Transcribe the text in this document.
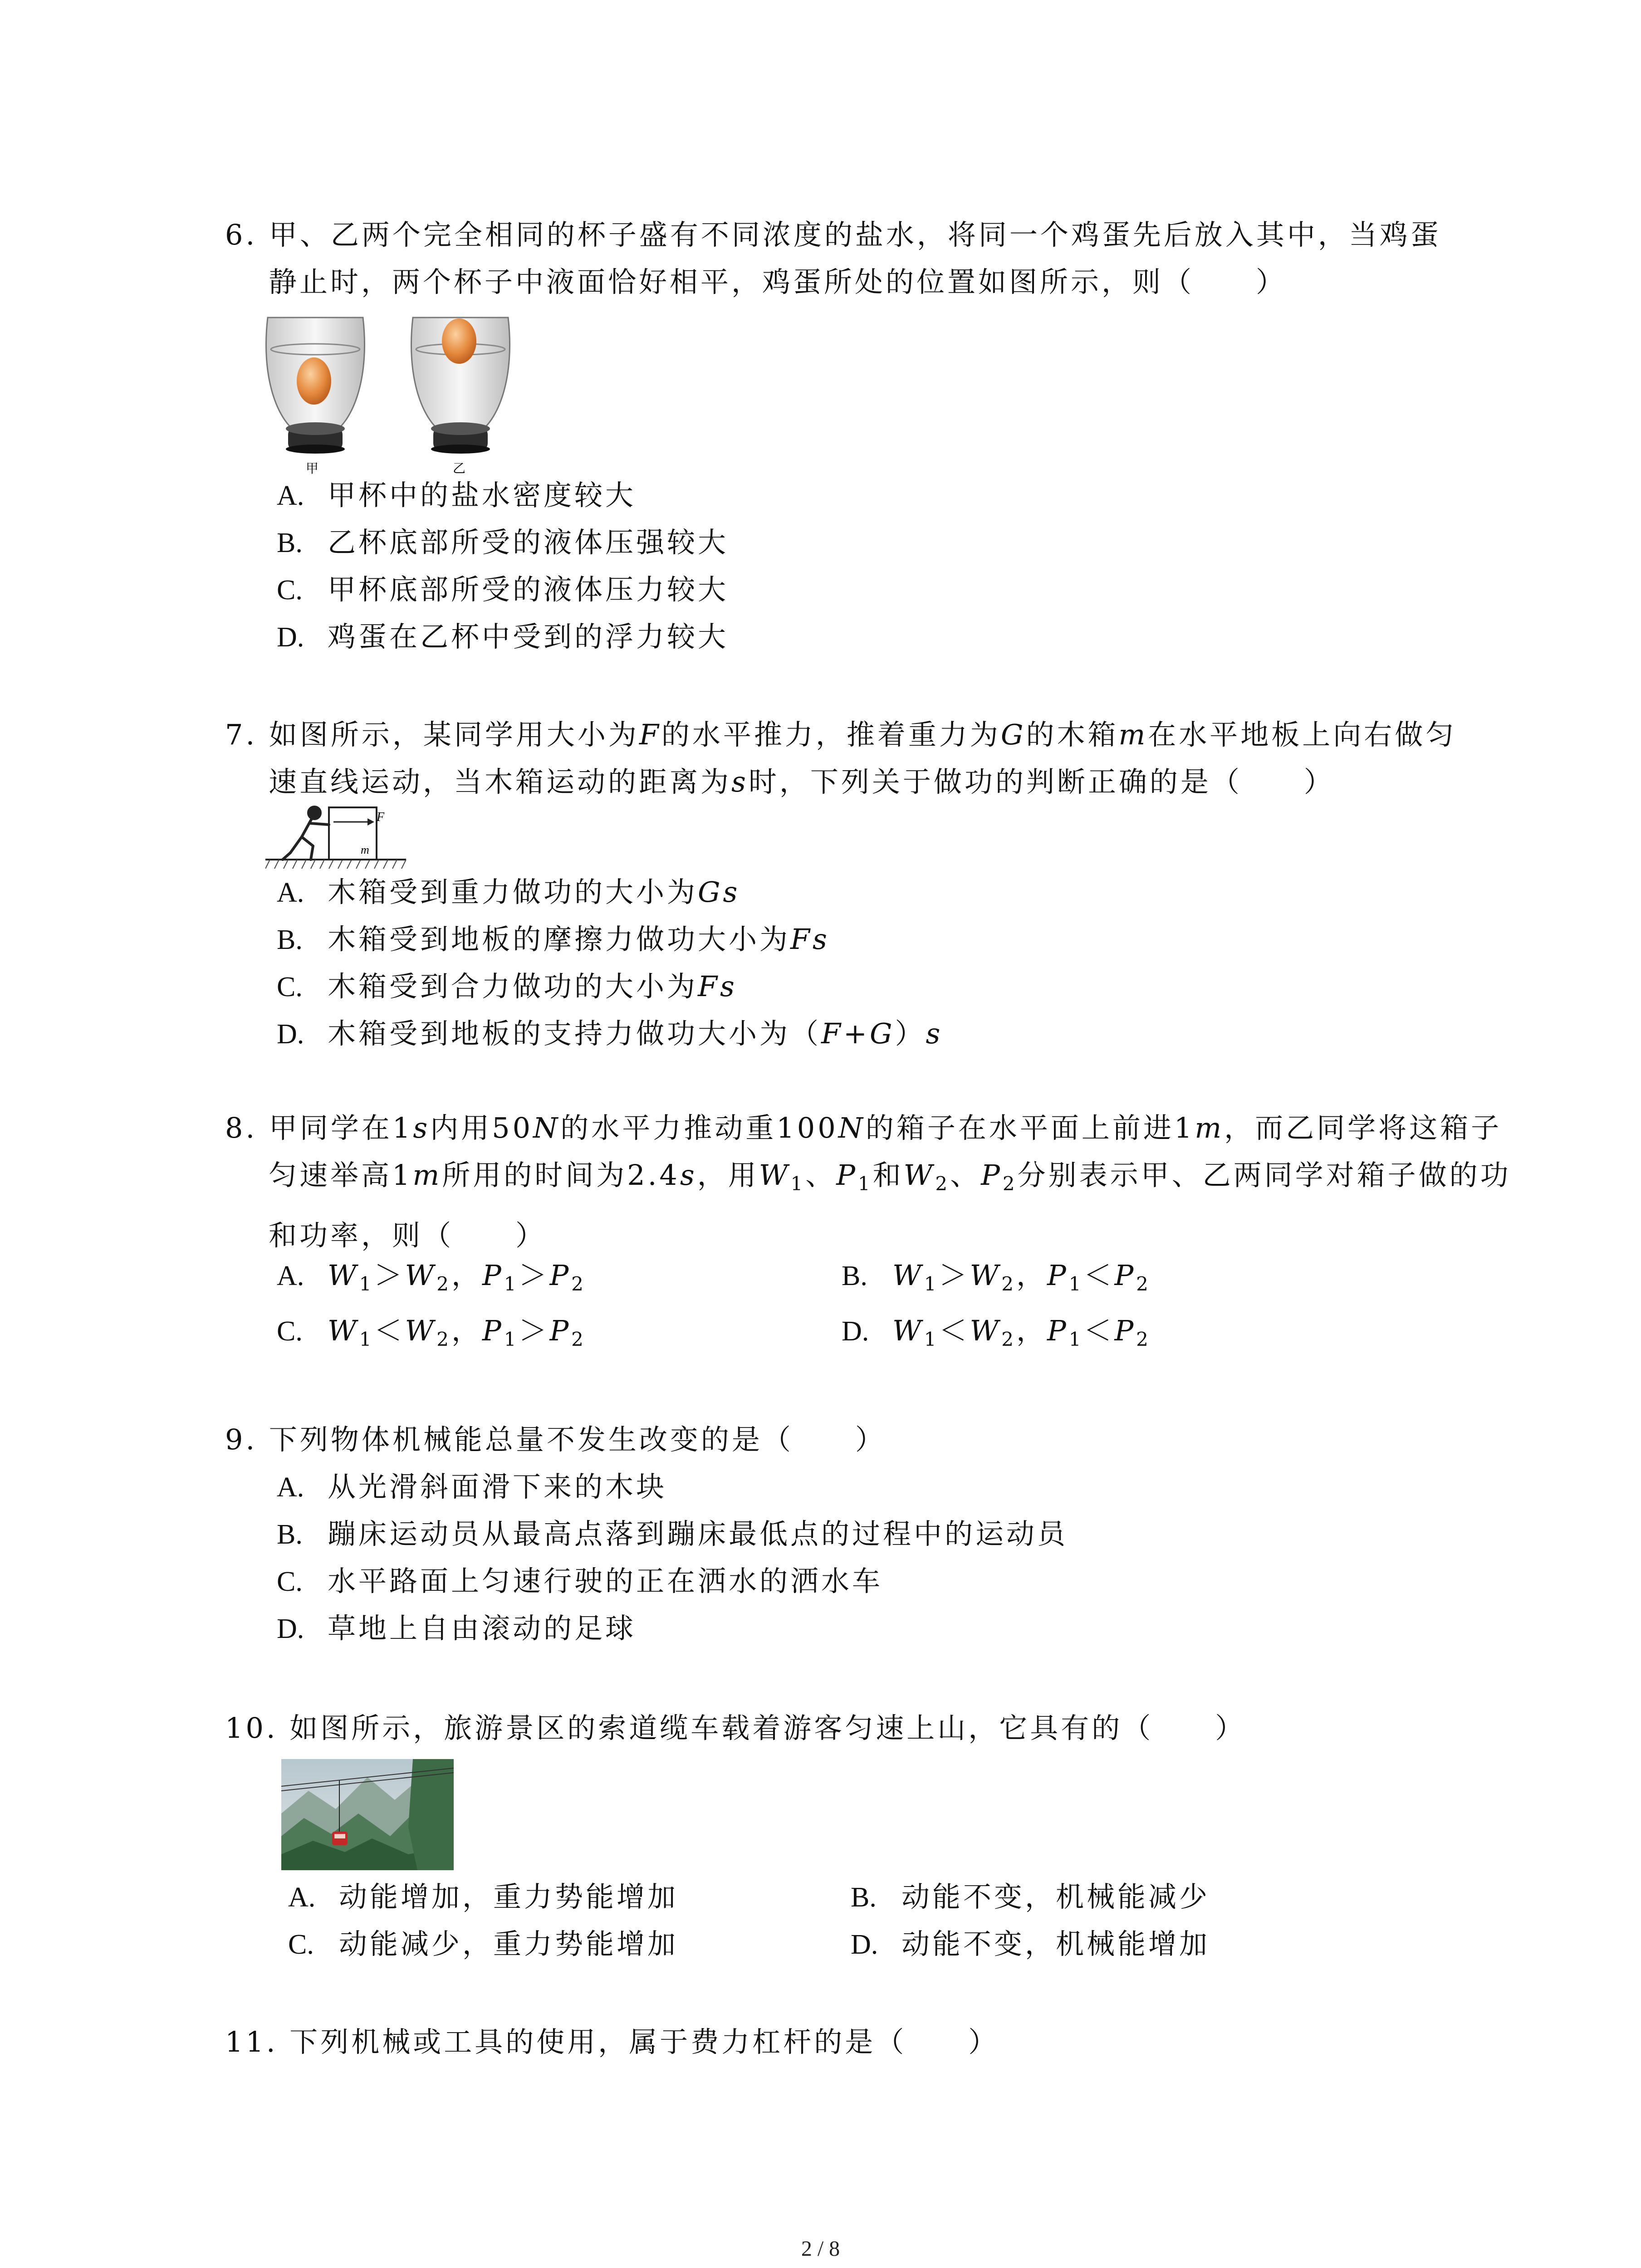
6. 甲、乙两个完全相同的杯子盛有不同浓度的盐水，将同一个鸡蛋先后放入其中，当鸡蛋
静止时，两个杯子中液面恰好相平，鸡蛋所处的位置如图所示，则（　　）
甲	乙
A. 甲杯中的盐水密度较大
B. 乙杯底部所受的液体压强较大
C. 甲杯底部所受的液体压力较大
D. 鸡蛋在乙杯中受到的浮力较大
7. 如图所示，某同学用大小为F的水平推力，推着重力为G的木箱m在水平地板上向右做匀
速直线运动，当木箱运动的距离为s时，下列关于做功的判断正确的是（　　）
F
m
A. 木箱受到重力做功的大小为Gs
B. 木箱受到地板的摩擦力做功大小为Fs
C. 木箱受到合力做功的大小为Fs
D. 木箱受到地板的支持力做功大小为（F+G）s
8. 甲同学在1s内用50N的水平力推动重100N的箱子在水平面上前进1m，而乙同学将这箱子
匀速举高1m所用的时间为2.4s，用$W_1$、$P_1$和$W_2$、$P_2$分别表示甲、乙两同学对箱子做的功
和功率，则（　　）
A. $W_1>W_2$，$P_1>P_2$	B. $W_1>W_2$，$P_1<P_2$
C. $W_1<W_2$，$P_1>P_2$	D. $W_1<W_2$，$P_1<P_2$
9. 下列物体机械能总量不发生改变的是（　　）
A. 从光滑斜面滑下来的木块
B. 蹦床运动员从最高点落到蹦床最低点的过程中的运动员
C. 水平路面上匀速行驶的正在洒水的洒水车
D. 草地上自由滚动的足球
10. 如图所示，旅游景区的索道缆车载着游客匀速上山，它具有的（　　）
A. 动能增加，重力势能增加	B. 动能不变，机械能减少
C. 动能减少，重力势能增加	D. 动能不变，机械能增加
11. 下列机械或工具的使用，属于费力杠杆的是（　　）
2 / 8
